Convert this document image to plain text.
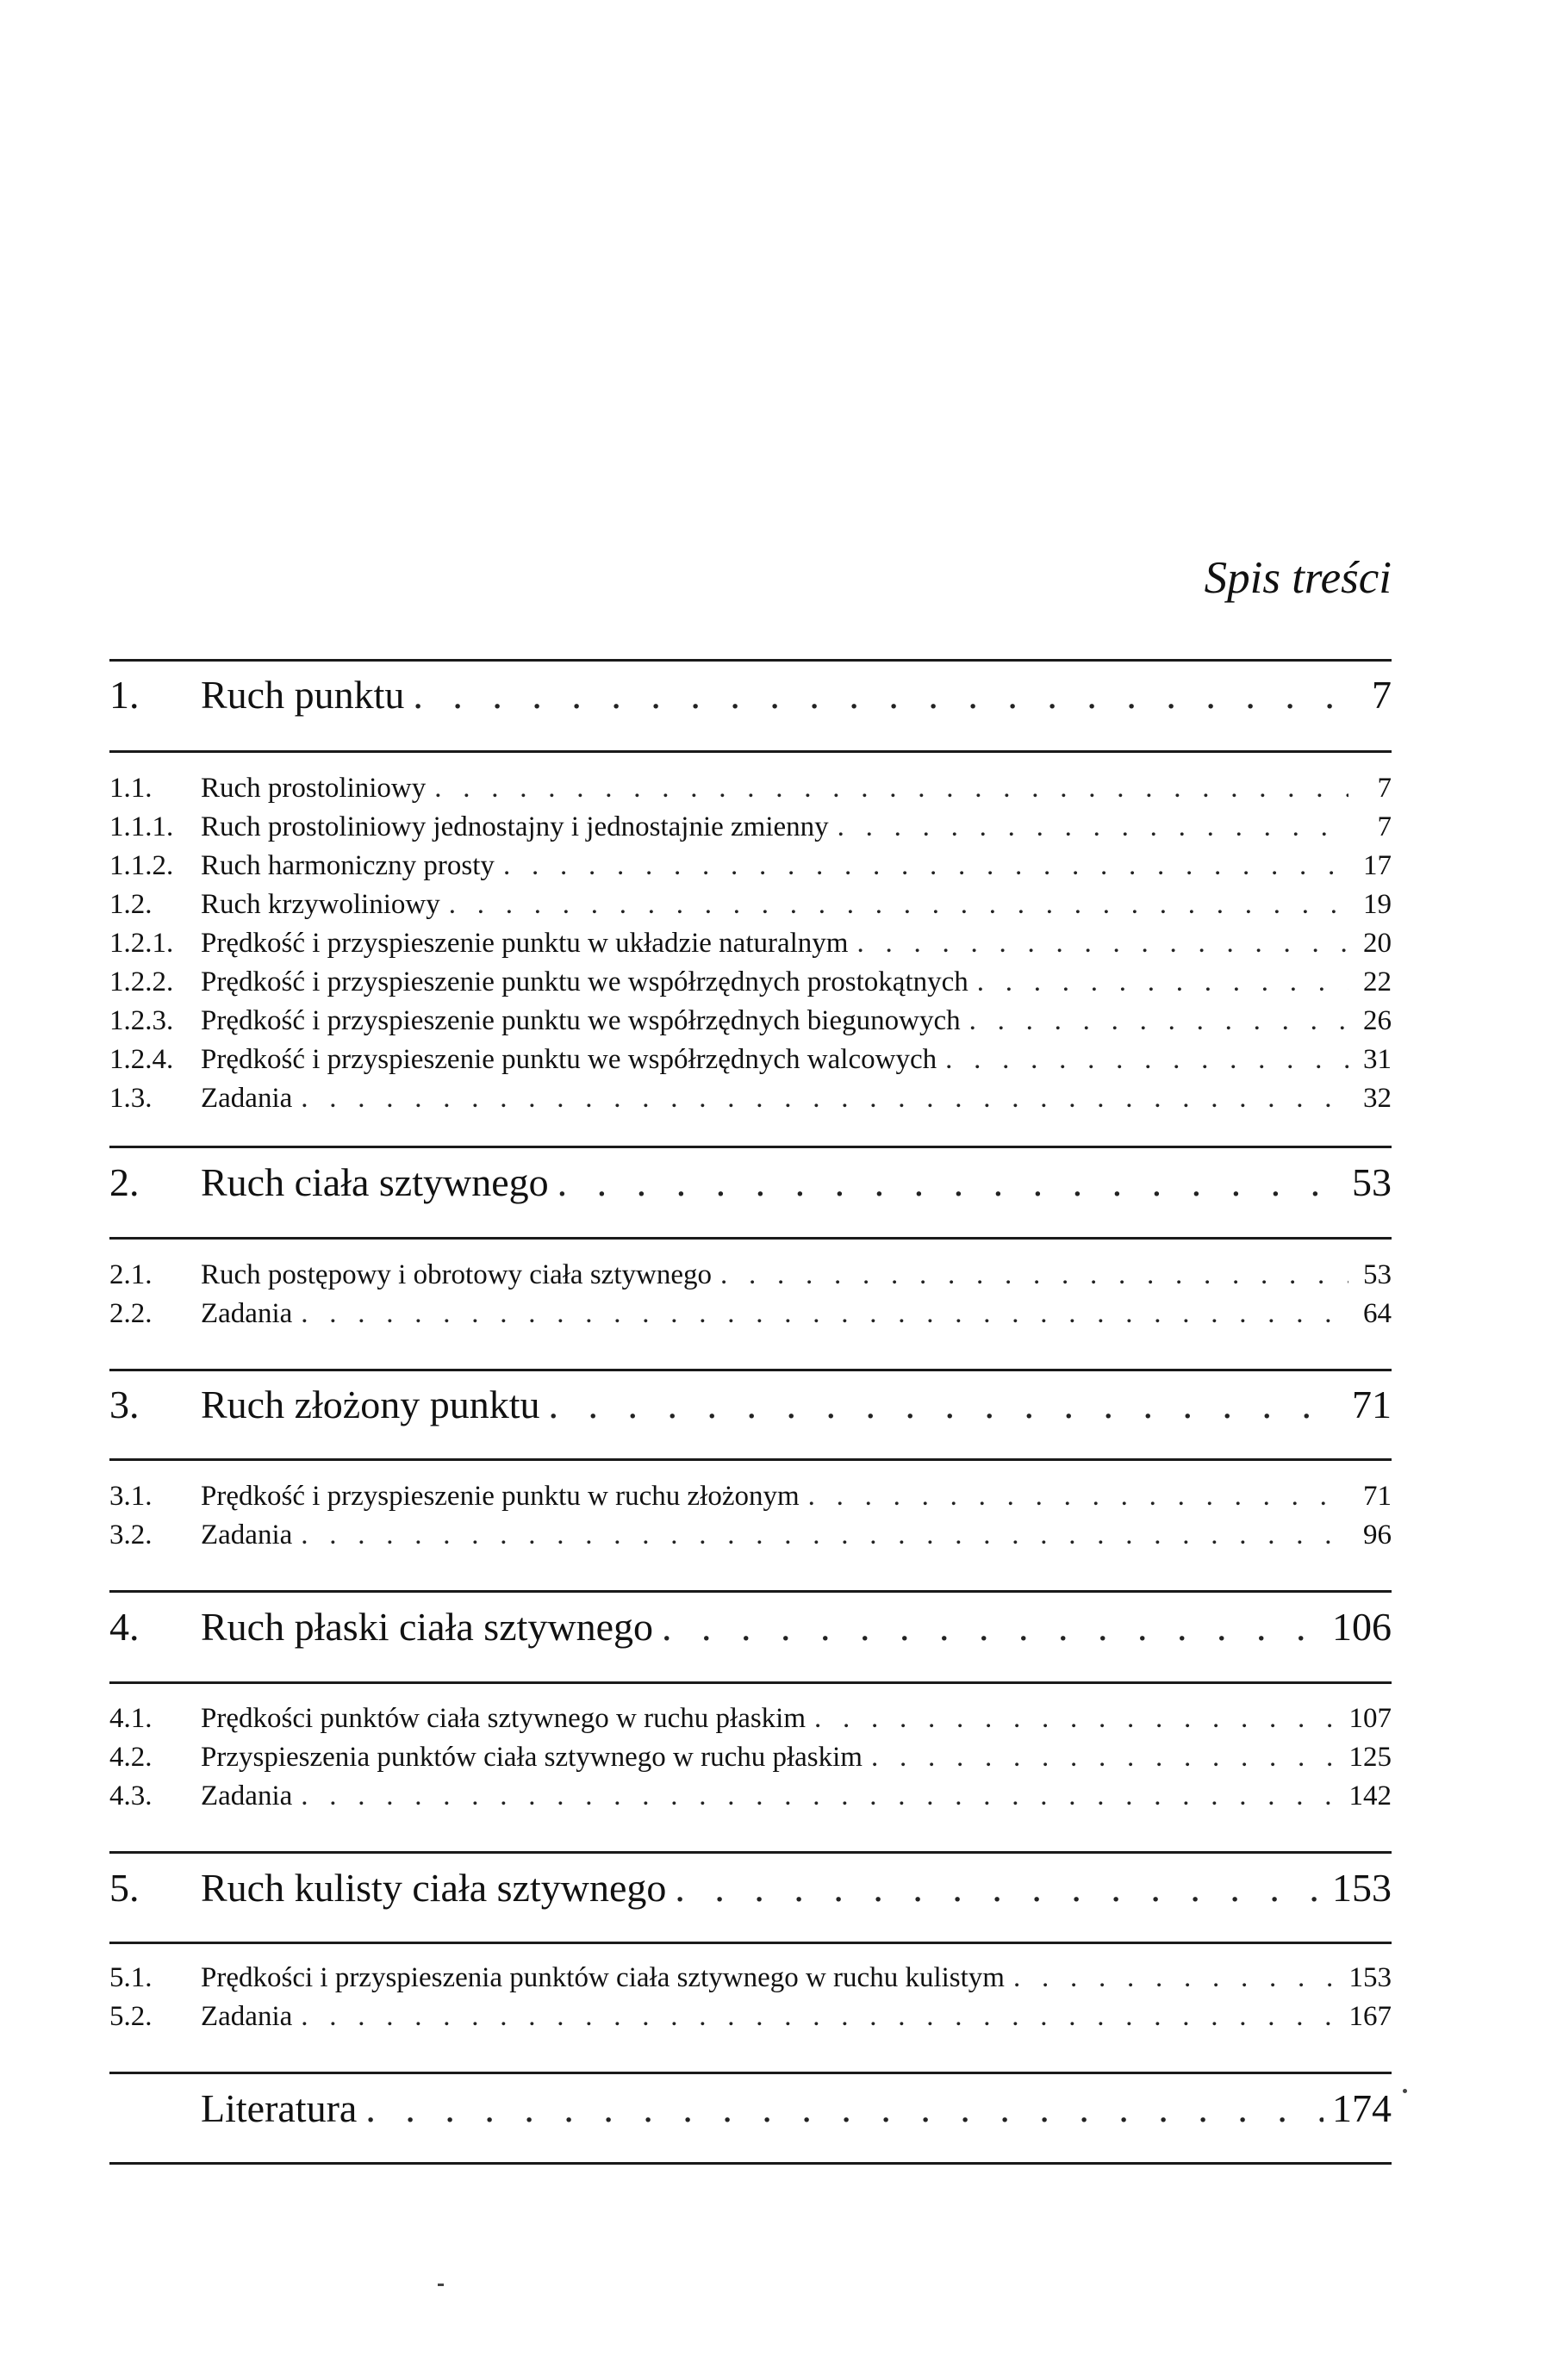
Spis treści
1.	Ruch punktu . . .	7
1.1.	Ruch prostoliniowy . . .	7
1.1.1. Ruch prostoliniowy jednostajny i jednostajnie zmienny . . .	7
1.1.2. Ruch harmoniczny prosty . . .	17
1.2.	Ruch krzywoliniowy . . .	19
1.2.1. Prędkość i przyspieszenie punktu w układzie naturalnym . . .	20
1.2.2. Prędkość i przyspieszenie punktu we współrzędnych prostokątnych . . .	22
1.2.3. Prędkość i przyspieszenie punktu we współrzędnych biegunowych . . .	26
1.2.4. Prędkość i przyspieszenie punktu we współrzędnych walcowych . . .	31
1.3.	Zadania . . .	32
2.	Ruch ciała sztywnego . . .	53
2.1.	Ruch postępowy i obrotowy ciała sztywnego . . .	53
2.2.	Zadania . . .	64
3.	Ruch złożony punktu . . .	71
3.1.	Prędkość i przyspieszenie punktu w ruchu złożonym . . .	71
3.2.	Zadania . . .	96
4.	Ruch płaski ciała sztywnego . . .	106
4.1.	Prędkości punktów ciała sztywnego w ruchu płaskim . . .	107
4.2.	Przyspieszenia punktów ciała sztywnego w ruchu płaskim . . .	125
4.3.	Zadania . . .	142
5.	Ruch kulisty ciała sztywnego . . .	153
5.1.	Prędkości i przyspieszenia punktów ciała sztywnego w ruchu kulistym . . .	153
5.2.	Zadania . . .	167
Literatura . . .	174
